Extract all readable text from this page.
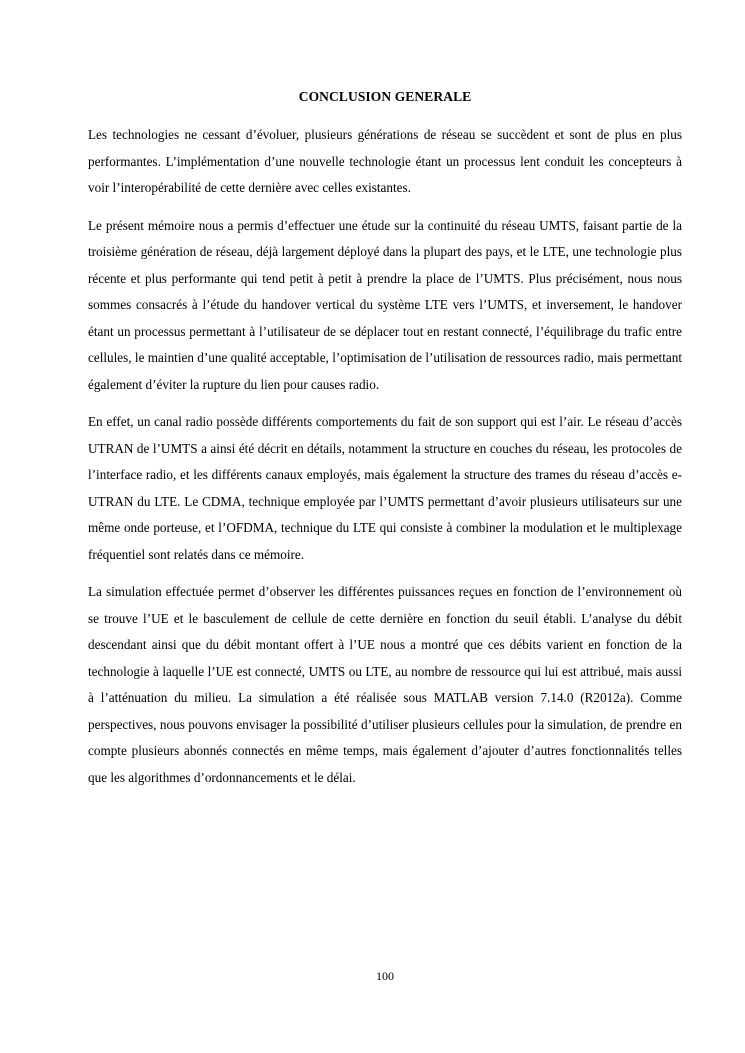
CONCLUSION GENERALE

Les technologies ne cessant d’évoluer, plusieurs générations de réseau se succèdent et sont de plus en plus performantes. L’implémentation d’une nouvelle technologie étant un processus lent conduit les concepteurs à voir l’interopérabilité de cette dernière avec celles existantes.

Le présent mémoire nous a permis d’effectuer une étude sur la continuité du réseau UMTS, faisant partie de la troisième génération de réseau, déjà largement déployé dans la plupart des pays, et le LTE, une technologie plus récente et plus performante qui tend petit à petit à prendre la place de l’UMTS. Plus précisément, nous nous sommes consacrés à l’étude du handover vertical du système LTE vers l’UMTS, et inversement, le handover étant un processus permettant à l’utilisateur de se déplacer tout en restant connecté, l’équilibrage du trafic entre cellules, le maintien d’une qualité acceptable, l’optimisation de l’utilisation de ressources radio, mais permettant également d’éviter la rupture du lien pour causes radio.

En effet, un canal radio possède différents comportements du fait de son support qui est l’air. Le réseau d’accès UTRAN de l’UMTS a ainsi été décrit en détails, notamment la structure en couches du réseau, les protocoles de l’interface radio, et les différents canaux employés, mais également la structure des trames du réseau d’accès e-UTRAN du LTE. Le CDMA, technique employée par l’UMTS permettant d’avoir plusieurs utilisateurs sur une même onde porteuse, et l’OFDMA, technique du LTE qui consiste à combiner la modulation et le multiplexage fréquentiel sont relatés dans ce mémoire.

La simulation effectuée permet d’observer les différentes puissances reçues en fonction de l’environnement où se trouve l’UE et le basculement de cellule de cette dernière en fonction du seuil établi. L’analyse du débit descendant ainsi que du débit montant offert à l’UE nous a montré que ces débits varient en fonction de la technologie à laquelle l’UE est connecté, UMTS ou LTE, au nombre de ressource qui lui est attribué, mais aussi à l’atténuation du milieu. La simulation a été réalisée sous MATLAB version 7.14.0 (R2012a). Comme perspectives, nous pouvons envisager la possibilité d’utiliser plusieurs cellules pour la simulation, de prendre en compte plusieurs abonnés connectés en même temps, mais également d’ajouter d’autres fonctionnalités telles que les algorithmes d’ordonnancements et le délai.

100
